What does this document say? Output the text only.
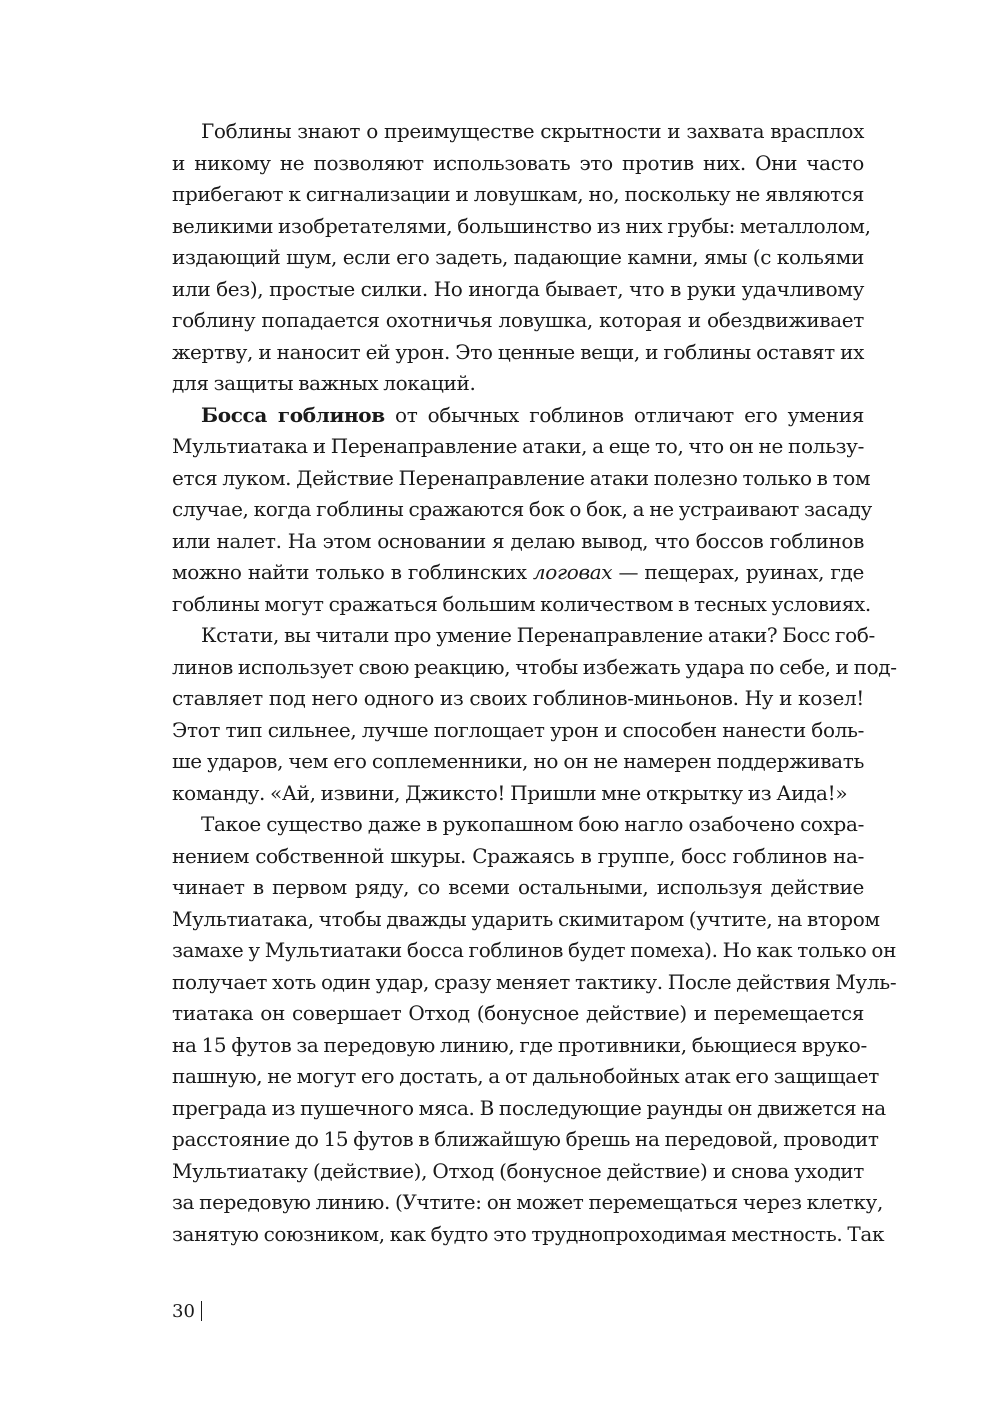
Гоблины знают о преимуществе скрытности и захвата врасплох
и никому не позволяют использовать это против них. Они часто
прибегают к сигнализации и ловушкам, но, поскольку не являются
великими изобретателями, большинство из них грубы: металлолом,
издающий шум, если его задеть, падающие камни, ямы (с кольями
или без), простые силки. Но иногда бывает, что в руки удачливому
гоблину попадается охотничья ловушка, которая и обездвиживает
жертву, и наносит ей урон. Это ценные вещи, и гоблины оставят их
для защиты важных локаций.
Босса гоблинов от обычных гоблинов отличают его умения
Мультиатака и Перенаправление атаки, а еще то, что он не пользу-
ется луком. Действие Перенаправление атаки полезно только в том
случае, когда гоблины сражаются бок о бок, а не устраивают засаду
или налет. На этом основании я делаю вывод, что боссов гоблинов
можно найти только в гоблинских логовах — пещерах, руинах, где
гоблины могут сражаться большим количеством в тесных условиях.
Кстати, вы читали про умение Перенаправление атаки? Босс гоб-
линов использует свою реакцию, чтобы избежать удара по себе, и под-
ставляет под него одного из своих гоблинов-миньонов. Ну и козел!
Этот тип сильнее, лучше поглощает урон и способен нанести боль-
ше ударов, чем его соплеменники, но он не намерен поддерживать
команду. «Ай, извини, Джиксто! Пришли мне открытку из Аида!»
Такое существо даже в рукопашном бою нагло озабочено сохра-
нением собственной шкуры. Сражаясь в группе, босс гоблинов на-
чинает в первом ряду, со всеми остальными, используя действие
Мультиатака, чтобы дважды ударить скимитаром (учтите, на втором
замахе у Мультиатаки босса гоблинов будет помеха). Но как только он
получает хоть один удар, сразу меняет тактику. После действия Муль-
тиатака он совершает Отход (бонусное действие) и перемещается
на 15 футов за передовую линию, где противники, бьющиеся вруко-
пашную, не могут его достать, а от дальнобойных атак его защищает
преграда из пушечного мяса. В последующие раунды он движется на
расстояние до 15 футов в ближайшую брешь на передовой, проводит
Мультиатаку (действие), Отход (бонусное действие) и снова уходит
за передовую линию. (Учтите: он может перемещаться через клетку,
занятую союзником, как будто это труднопроходимая местность. Так
30
